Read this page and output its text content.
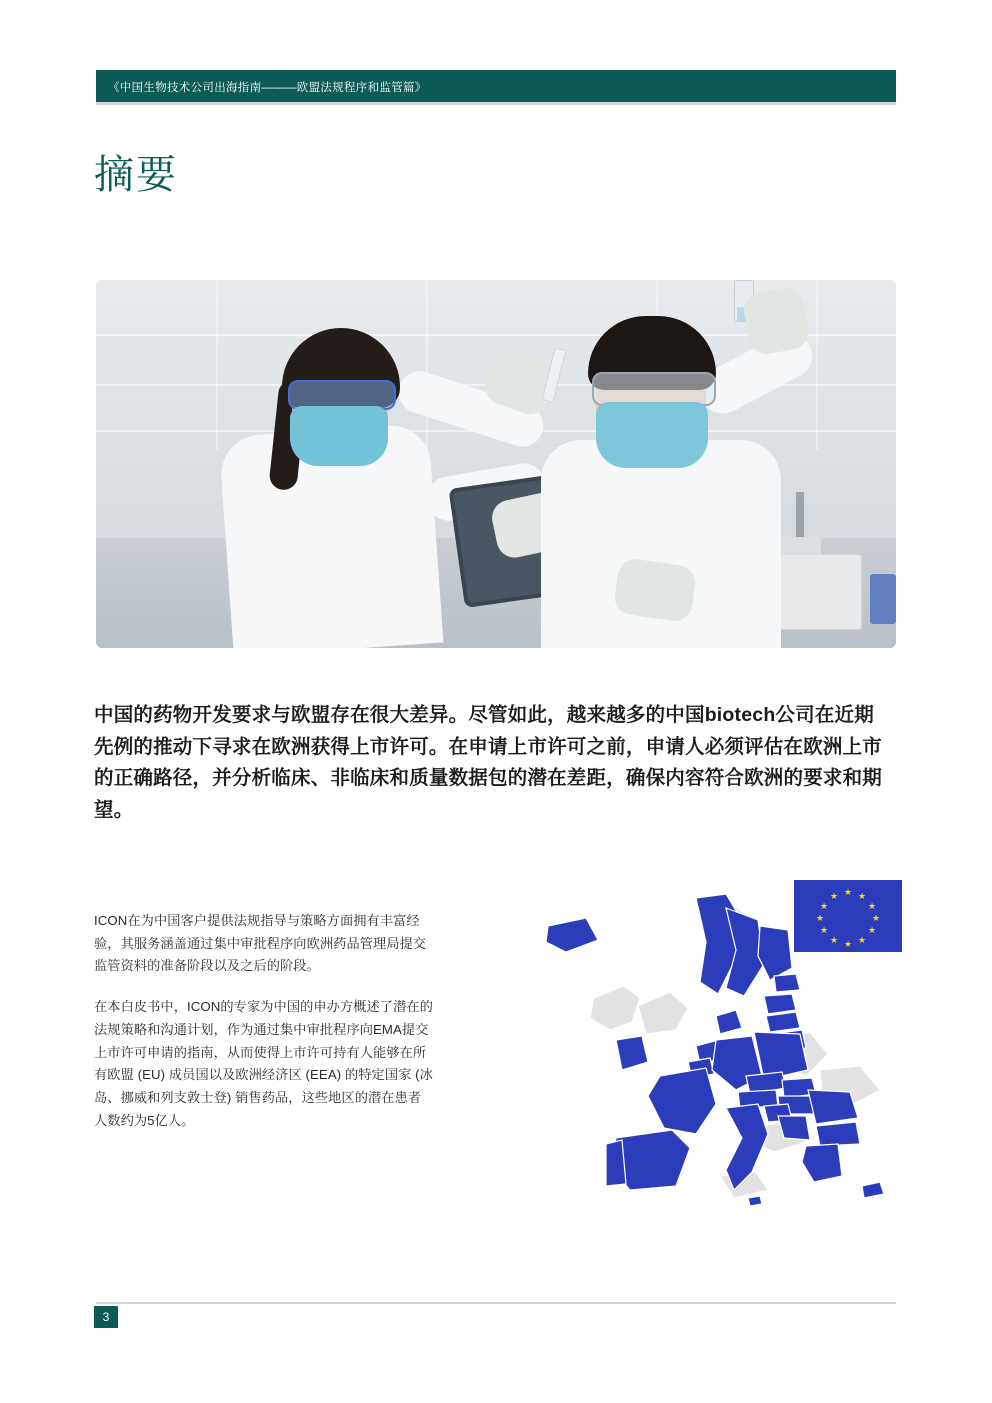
《中国生物技术公司出海指南———欧盟法规程序和监管篇》
摘要
中国的药物开发要求与欧盟存在很大差异。尽管如此，越来越多的中国biotech公司在近期先例的推动下寻求在欧洲获得上市许可。在申请上市许可之前，申请人必须评估在欧洲上市的正确路径，并分析临床、非临床和质量数据包的潜在差距，确保内容符合欧洲的要求和期望。

ICON在为中国客户提供法规指导与策略方面拥有丰富经验，其服务涵盖通过集中审批程序向欧洲药品管理局提交监管资料的准备阶段以及之后的阶段。

在本白皮书中，ICON的专家为中国的申办方概述了潜在的法规策略和沟通计划，作为通过集中审批程序向EMA提交上市许可申请的指南，从而使得上市许可持有人能够在所有欧盟 (EU) 成员国以及欧洲经济区 (EEA) 的特定国家 (冰岛、挪威和列支敦士登) 销售药品，这些地区的潜在患者人数约为5亿人。

★ ★
★
★
★
★
★
★
★
★
★
★
3
